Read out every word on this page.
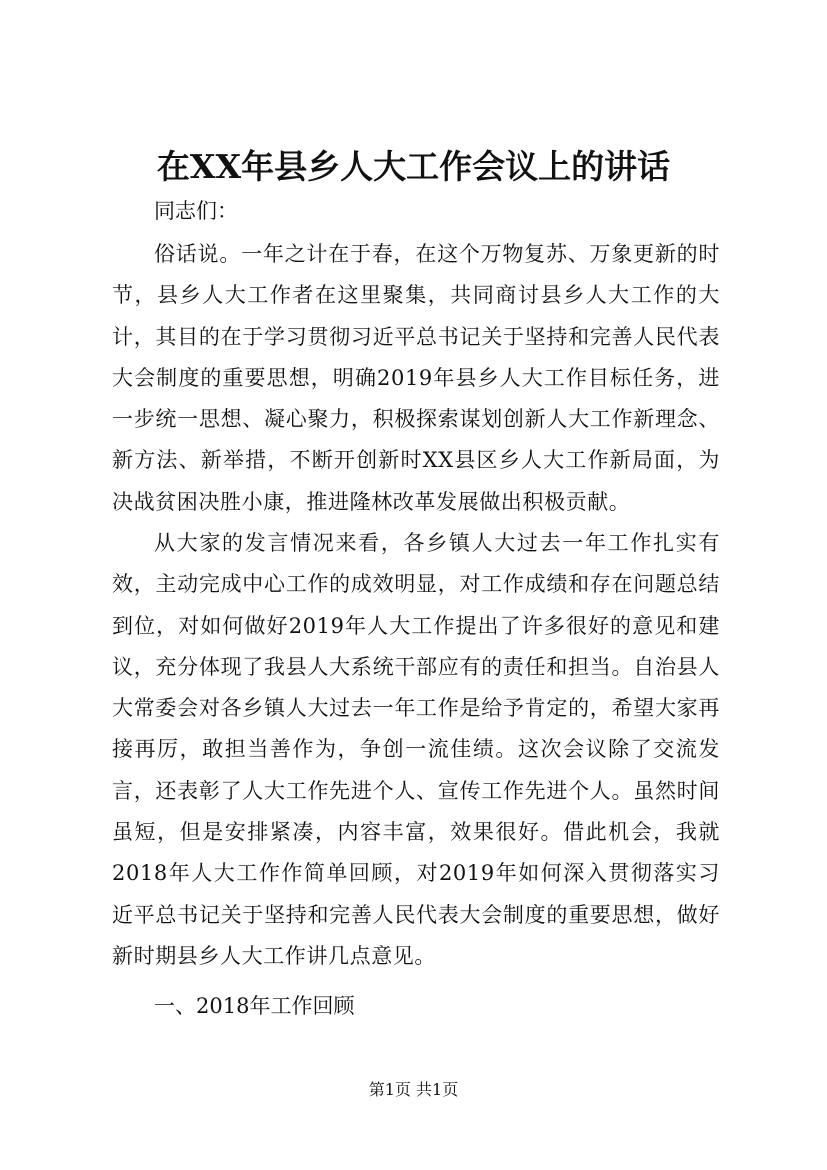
在XX年县乡人大工作会议上的讲话
同志们：

俗话说。一年之计在于春，在这个万物复苏、万象更新的时节，县乡人大工作者在这里聚集，共同商讨县乡人大工作的大计，其目的在于学习贯彻习近平总书记关于坚持和完善人民代表大会制度的重要思想，明确2019年县乡人大工作目标任务，进一步统一思想、凝心聚力，积极探索谋划创新人大工作新理念、新方法、新举措，不断开创新时XX县区乡人大工作新局面，为决战贫困决胜小康，推进隆林改革发展做出积极贡献。

从大家的发言情况来看，各乡镇人大过去一年工作扎实有效，主动完成中心工作的成效明显，对工作成绩和存在问题总结到位，对如何做好2019年人大工作提出了许多很好的意见和建议，充分体现了我县人大系统干部应有的责任和担当。自治县人大常委会对各乡镇人大过去一年工作是给予肯定的，希望大家再接再厉，敢担当善作为，争创一流佳绩。这次会议除了交流发言，还表彰了人大工作先进个人、宣传工作先进个人。虽然时间虽短，但是安排紧凑，内容丰富，效果很好。借此机会，我就2018年人大工作作简单回顾，对2019年如何深入贯彻落实习近平总书记关于坚持和完善人民代表大会制度的重要思想，做好新时期县乡人大工作讲几点意见。

一、2018年工作回顾
第1页 共1页
